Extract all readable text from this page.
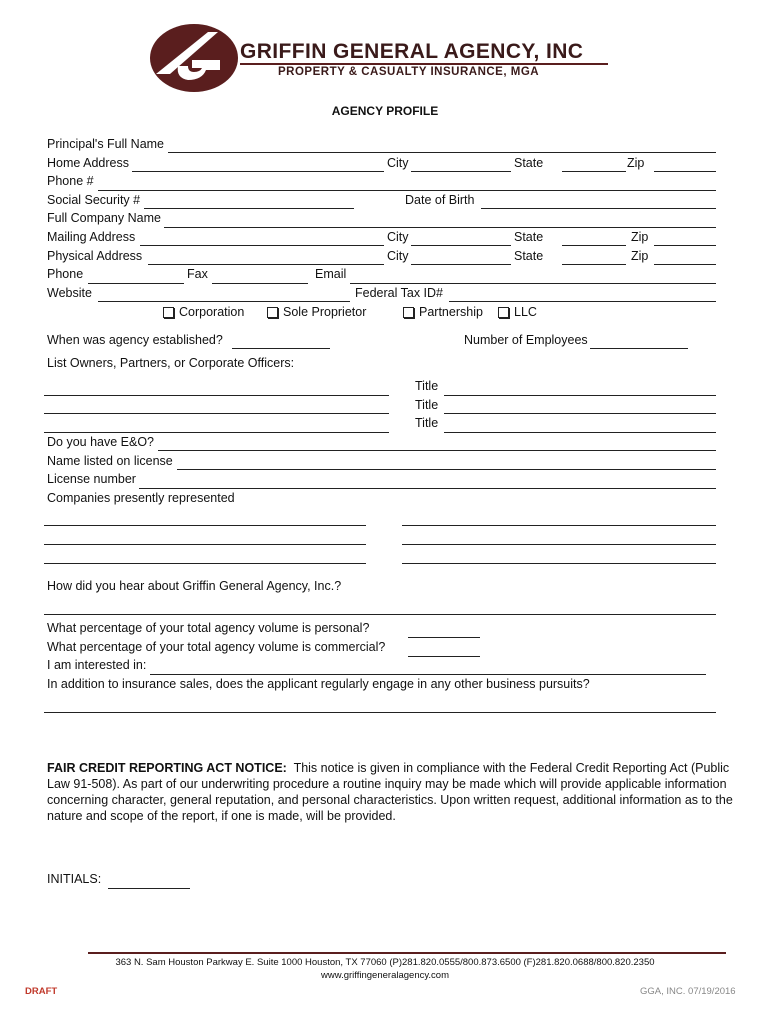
GRIFFIN GENERAL AGENCY, INC
PROPERTY & CASUALTY INSURANCE, MGA
AGENCY PROFILE
Principal's Full Name
Home Address	City	State	Zip
Phone #
Social Security #	Date of Birth
Full Company Name
Mailing Address	City	State	Zip
Physical Address	City	State	Zip
Phone	Fax	Email
Website	Federal Tax ID#
Corporation	Sole Proprietor	Partnership LLC
When was agency established?	Number of Employees
List Owners, Partners, or Corporate Officers:
Title
Title
Title
Do you have E&O?
Name listed on license
License number
Companies presently represented
How did you hear about Griffin General Agency, Inc.?
What percentage of your total agency volume is personal?
What percentage of your total agency volume is commercial?
I am interested in:
In addition to insurance sales, does the applicant regularly engage in any other business pursuits?
FAIR CREDIT REPORTING ACT NOTICE: This notice is given in compliance with the Federal Credit Reporting Act (Public Law 91-508). As part of our underwriting procedure a routine inquiry may be made which will provide applicable information concerning character, general reputation, and personal characteristics. Upon written request, additional information as to the nature and scope of the report, if one is made, will be provided.
INITIALS:
363 N. Sam Houston Parkway E. Suite 1000 Houston, TX 77060 (P)281.820.0555/800.873.6500 (F)281.820.0688/800.820.2350
www.griffingeneralagency.com
DRAFT	GGA, INC. 07/19/2016
